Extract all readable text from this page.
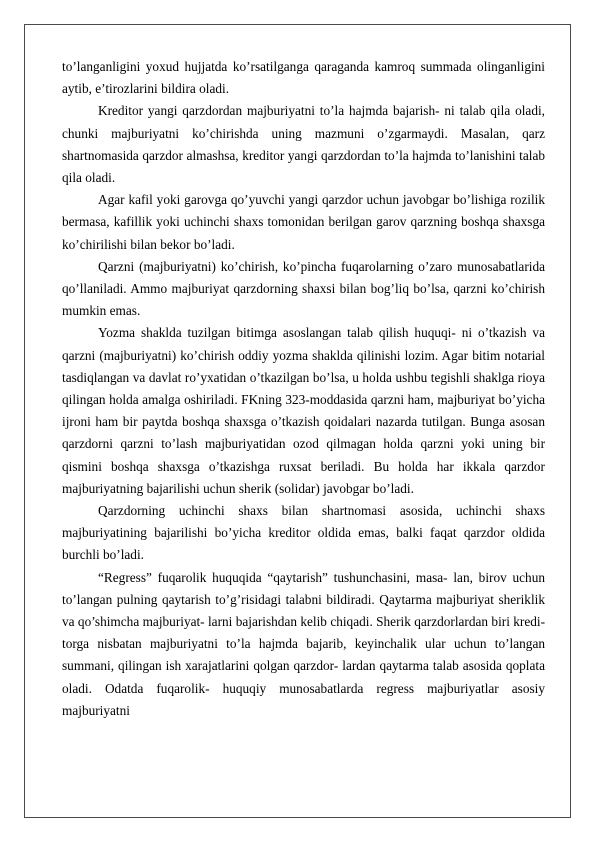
to’langanligini yoxud hujjatda ko’rsatilganga qaraganda kamroq summada olinganligini aytib, e’tirozlarini bildira oladi.

Kreditor yangi qarzdordan majburiyatni to’la hajmda bajarish- ni talab qila oladi, chunki majburiyatni ko’chirishda uning mazmuni o’zgarmaydi. Masalan, qarz shartnomasida qarzdor almashsa, kreditor yangi qarzdordan to’la hajmda to’lanishini talab qila oladi.

Agar kafil yoki garovga qo’yuvchi yangi qarzdor uchun javobgar bo’lishiga rozilik bermasa, kafillik yoki uchinchi shaxs tomonidan berilgan garov qarzning boshqa shaxsga ko’chirilishi bilan bekor bo’ladi.

Qarzni (majburiyatni) ko’chirish, ko’pincha fuqarolarning o’zaro munosabatlarida qo’llaniladi. Ammo majburiyat qarzdorning shaxsi bilan bog’liq bo’lsa, qarzni ko’chirish mumkin emas.

Yozma shaklda tuzilgan bitimga asoslangan talab qilish huquqi- ni o’tkazish va qarzni (majburiyatni) ko’chirish oddiy yozma shaklda qilinishi lozim. Agar bitim notarial tasdiqlangan va davlat ro’yxatidan o’tkazilgan bo’lsa, u holda ushbu tegishli shaklga rioya qilingan holda amalga oshiriladi. FKning 323-moddasida qarzni ham, majburiyat bo’yicha ijroni ham bir paytda boshqa shaxsga o’tkazish qoidalari nazarda tutilgan. Bunga asosan qarzdorni qarzni to’lash majburiyatidan ozod qilmagan holda qarzni yoki uning bir qismini boshqa shaxsga o’tkazishga ruxsat beriladi. Bu holda har ikkala qarzdor majburiyatning bajarilishi uchun sherik (solidar) javobgar bo’ladi.

Qarzdorning uchinchi shaxs bilan shartnomasi asosida, uchinchi shaxs majburiyatining bajarilishi bo’yicha kreditor oldida emas, balki faqat qarzdor oldida burchli bo’ladi.

“Regress” fuqarolik huquqida “qaytarish” tushunchasini, masa- lan, birov uchun to’langan pulning qaytarish to’g’risidagi talabni bildiradi. Qaytarma majburiyat sheriklik va qo’shimcha majburiyat- larni bajarishdan kelib chiqadi. Sherik qarzdorlardan biri kredi- torga nisbatan majburiyatni to’la hajmda bajarib, keyinchalik ular uchun to’langan summani, qilingan ish xarajatlarini qolgan qarzdor- lardan qaytarma talab asosida qoplata oladi. Odatda fuqarolik- huquqiy munosabatlarda regress majburiyatlar asosiy majburiyatni
